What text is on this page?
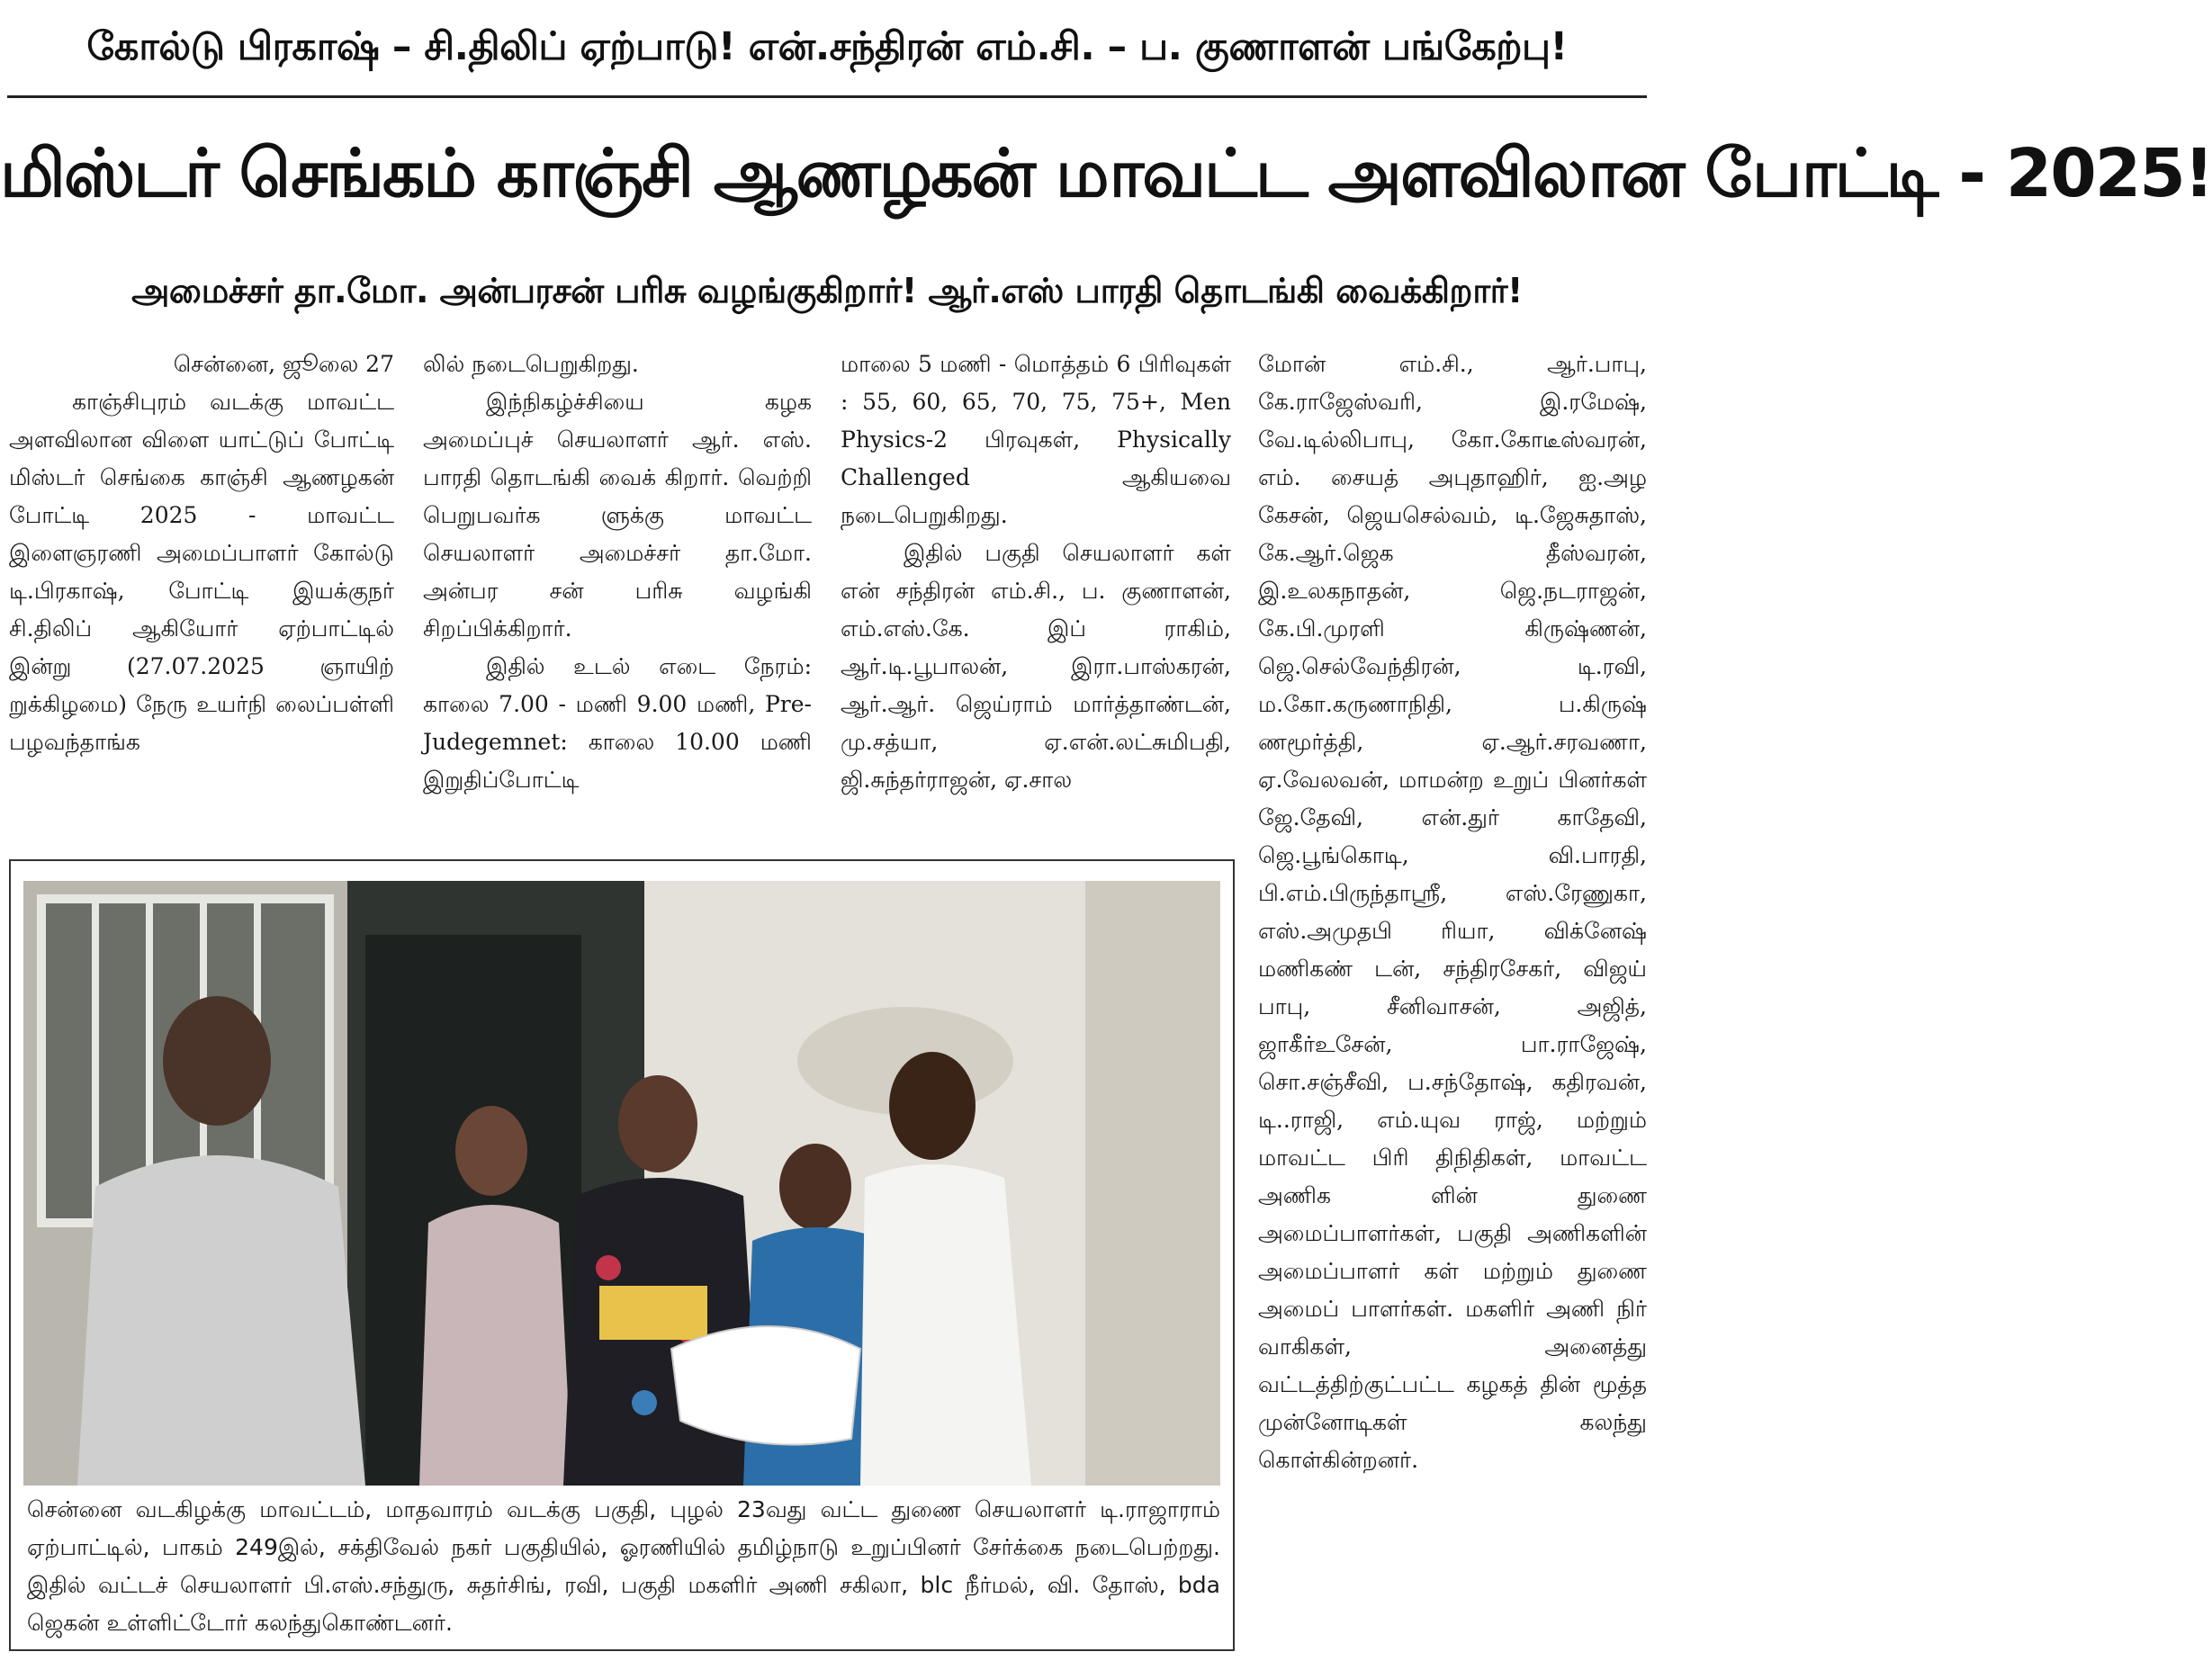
கோல்டு பிரகாஷ் – சி.திலிப் ஏற்பாடு! என்.சந்திரன் எம்.சி. – ப. குணாளன் பங்கேற்பு!
மிஸ்டர் செங்கம் காஞ்சி ஆணழகன் மாவட்ட அளவிலான போட்டி - 2025!
அமைச்சர் தா.மோ. அன்பரசன் பரிசு வழங்குகிறார்! ஆர்.எஸ் பாரதி தொடங்கி வைக்கிறார்!

சென்னை, ஜூலை 27

காஞ்சிபுரம் வடக்கு மாவட்ட அளவிலான விளை யாட்டுப் போட்டி மிஸ்டர் செங்கை காஞ்சி ஆணழகன் போட்டி 2025 - மாவட்ட இளைஞரணி அமைப்பாளர் கோல்டு டி.பிரகாஷ், போட்டி இயக்குநர் சி.திலிப் ஆகியோர் ஏற்பாட்டில் இன்று (27.07.2025 ஞாயிற் றுக்கிழமை) நேரு உயர்நி லைப்பள்ளி பழவந்தாங்க

லில் நடைபெறுகிறது.

இந்நிகழ்ச்சியை கழக அமைப்புச் செயலாளர் ஆர். எஸ். பாரதி தொடங்கி வைக் கிறார். வெற்றி பெறுபவர்க ளுக்கு மாவட்ட செயலாளர் அமைச்சர் தா.மோ. அன்பர சன் பரிசு வழங்கி சிறப்பிக்கிறார்.

இதில் உடல் எடை நேரம்: காலை 7.00 - மணி 9.00 மணி, Pre-Judegemnet: காலை 10.00 மணி இறுதிப்போட்டி

மாலை 5 மணி - மொத்தம் 6 பிரிவுகள் : 55, 60, 65, 70, 75, 75+, Men Physics-2 பிரவுகள், Physically Challenged ஆகியவை நடைபெறுகிறது.

இதில் பகுதி செயலாளர் கள் என் சந்திரன் எம்.சி., ப. குணாளன், எம்.எஸ்.கே. இப் ராகிம், ஆர்.டி.பூபாலன், இரா.பாஸ்கரன், ஆர்.ஆர். ஜெய்ராம் மார்த்தாண்டன், மு.சத்யா, ஏ.என்.லட்சுமிபதி, ஜி.சுந்தர்ராஜன், ஏ.சால

மோன் எம்.சி., ஆர்.பாபு, கே.ராஜேஸ்வரி, இ.ரமேஷ், வே.டில்லிபாபு, கோ.கோடீஸ்வரன், எம். சையத் அபுதாஹிர், ஐ.அழ கேசன், ஜெயசெல்வம், டி.ஜேசுதாஸ், கே.ஆர்.ஜெக தீஸ்வரன், இ.உலகநாதன், ஜெ.நடராஜன், கே.பி.முரளி கிருஷ்ணன், ஜெ.செல்வேந்திரன், டி.ரவி, ம.கோ.கருணாநிதி, ப.கிருஷ் ணமூர்த்தி, ஏ.ஆர்.சரவணா, ஏ.வேலவன், மாமன்ற உறுப் பினர்கள் ஜே.தேவி, என்.துர் காதேவி, ஜெ.பூங்கொடி, வி.பாரதி, பி.எம்.பிருந்தாஸ்ரீ, எஸ்.ரேணுகா, எஸ்.அமுதபி ரியா, விக்னேஷ் மணிகண் டன், சந்திரசேகர், விஜய் பாபு, சீனிவாசன், அஜித், ஜாகீர்உசேன், பா.ராஜேஷ், சொ.சஞ்சீவி, ப.சந்தோஷ், கதிரவன், டி..ராஜி, எம்.யுவ ராஜ், மற்றும் மாவட்ட பிரி திநிதிகள், மாவட்ட அணிக ளின் துணை அமைப்பாளர்கள், பகுதி அணிகளின் அமைப்பாளர் கள் மற்றும் துணை அமைப் பாளர்கள். மகளிர் அணி நிர் வாகிகள், அனைத்து வட்டத்திற்குட்பட்ட கழகத் தின் மூத்த முன்னோடிகள் கலந்து கொள்கின்றனர்.

சென்னை வடகிழக்கு மாவட்டம், மாதவாரம் வடக்கு பகுதி, புழல் 23வது வட்ட துணை செயலாளர் டி.ராஜாராம் ஏற்பாட்டில், பாகம் 249இல், சக்திவேல் நகர் பகுதியில், ஓரணியில் தமிழ்நாடு உறுப்பினர் சேர்க்கை நடைபெற்றது. இதில் வட்டச் செயலாளர் பி.எஸ்.சந்துரு, சுதர்சிங், ரவி, பகுதி மகளிர் அணி சகிலா, blc நீர்மல், வி. தோஸ், bda ஜெகன் உள்ளிட்டோர் கலந்துகொண்டனர்.
